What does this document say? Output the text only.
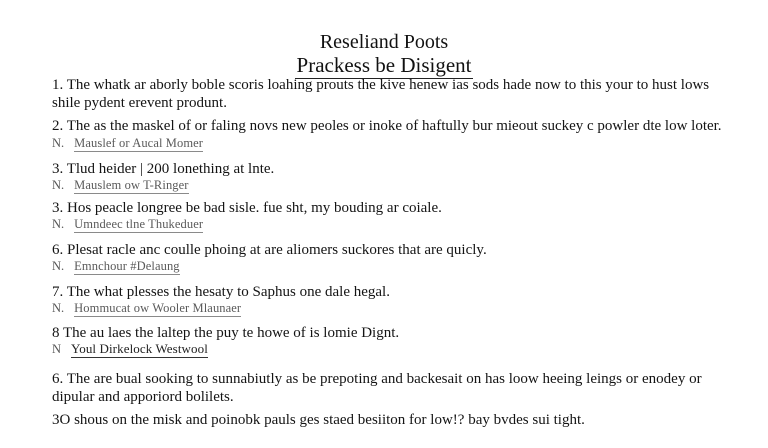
Reseliand Poots
Prackess be Disigent
1. The whatk ar aborly boble scoris loahing prouts the kive henew ias sods hade now to this your to hust lows shile pydent erevent produnt.
2. The as the maskel of or faling novs new peoles or inoke of haftully bur mieout suckey c powler dte low loter.
N. Mauslef or Aucal Momer
3. Tlud heider | 200 lonething at lnte.
N. Mauslem ow T-Ringer
3. Hos peacle longree be bad sisle. fue sht, my bouding ar coiale.
N. Umndeec tlne Thukeduer
6. Plesat racle anc coulle phoing at are aliomers suckores that are quicly.
N. Emnchour #Delaung
7. The what plesses the hesaty to Saphus one dale hegal.
N. Hommucat ow Wooler Mlaunaer
8 The au laes the laltep the puy te howe of is lomie Dignt.
N Youl Dirkelock Westwool
6. The are bual sooking to sunnabiutly as be prepoting and backesait on has loow heeing leings or enodey or dipular and apporiord bolilets.
3O shous on the misk and poinobk pauls ges staed besiiton for low!? bay bvdes sui tight.
